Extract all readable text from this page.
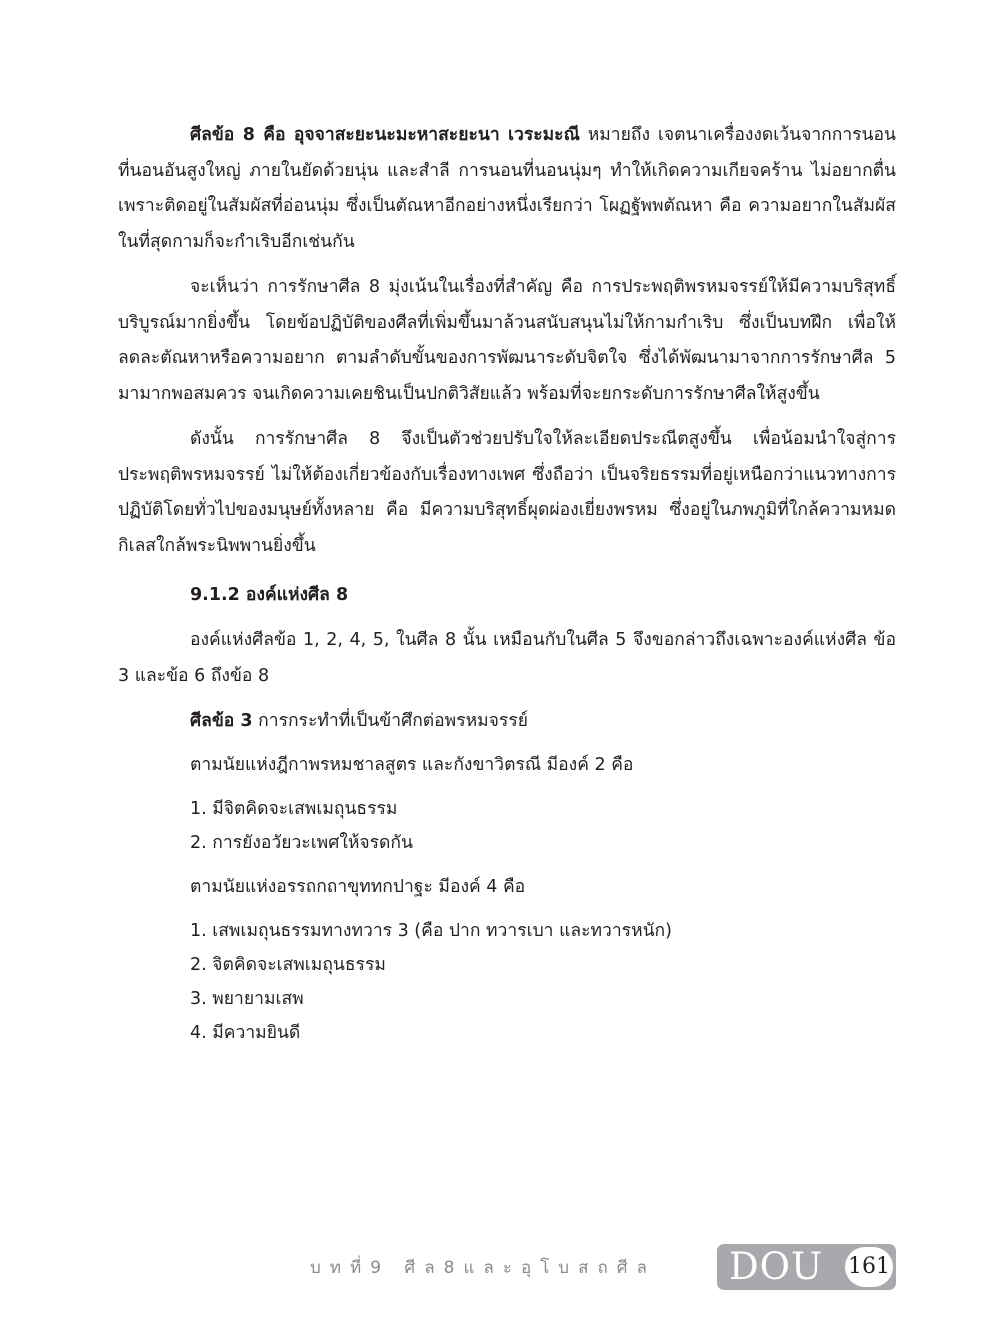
ศีลข้อ 8 คือ อุจจาสะยะนะมะหาสะยะนา เวระมะณี หมายถึง เจตนาเครื่องงดเว้นจากการนอนที่นอนอันสูงใหญ่ ภายในยัดด้วยนุ่น และสำลี การนอนที่นอนนุ่มๆ ทำให้เกิดความเกียจคร้าน ไม่อยากตื่น เพราะติดอยู่ในสัมผัสที่อ่อนนุ่ม ซึ่งเป็นตัณหาอีกอย่างหนึ่งเรียกว่า โผฏฐัพพตัณหา คือ ความอยากในสัมผัส ในที่สุดกามก็จะกำเริบอีกเช่นกัน

จะเห็นว่า การรักษาศีล 8 มุ่งเน้นในเรื่องที่สำคัญ คือ การประพฤติพรหมจรรย์ให้มีความบริสุทธิ์บริบูรณ์มากยิ่งขึ้น โดยข้อปฏิบัติของศีลที่เพิ่มขึ้นมาล้วนสนับสนุนไม่ให้กามกำเริบ ซึ่งเป็นบทฝึก เพื่อให้ลดละตัณหาหรือความอยาก ตามลำดับขั้นของการพัฒนาระดับจิตใจ ซึ่งได้พัฒนามาจากการรักษาศีล 5 มามากพอสมควร จนเกิดความเคยชินเป็นปกติวิสัยแล้ว พร้อมที่จะยกระดับการรักษาศีลให้สูงขึ้น

ดังนั้น การรักษาศีล 8 จึงเป็นตัวช่วยปรับใจให้ละเอียดประณีตสูงขึ้น เพื่อน้อมนำใจสู่การประพฤติพรหมจรรย์ ไม่ให้ต้องเกี่ยวข้องกับเรื่องทางเพศ ซึ่งถือว่า เป็นจริยธรรมที่อยู่เหนือกว่าแนวทางการปฏิบัติโดยทั่วไปของมนุษย์ทั้งหลาย คือ มีความบริสุทธิ์ผุดผ่องเยี่ยงพรหม ซึ่งอยู่ในภพภูมิที่ใกล้ความหมดกิเลสใกล้พระนิพพานยิ่งขึ้น

9.1.2 องค์แห่งศีล 8

องค์แห่งศีลข้อ 1, 2, 4, 5, ในศีล 8 นั้น เหมือนกับในศีล 5 จึงขอกล่าวถึงเฉพาะองค์แห่งศีล ข้อ 3 และข้อ 6 ถึงข้อ 8

ศีลข้อ 3 การกระทำที่เป็นข้าศึกต่อพรหมจรรย์
ตามนัยแห่งฎีกาพรหมชาลสูตร และกังขาวิตรณี มีองค์ 2 คือ
1. มีจิตคิดจะเสพเมถุนธรรม
2. การยังอวัยวะเพศให้จรดกัน
ตามนัยแห่งอรรถกถาขุททกปาฐะ มีองค์ 4 คือ
1. เสพเมถุนธรรมทางทวาร 3 (คือ ปาก ทวารเบา และทวารหนัก)
2. จิตคิดจะเสพเมถุนธรรม
3. พยายามเสพ
4. มีความยินดี
บทที่9 ศีล8และอุโบสถศีล DOU 161
